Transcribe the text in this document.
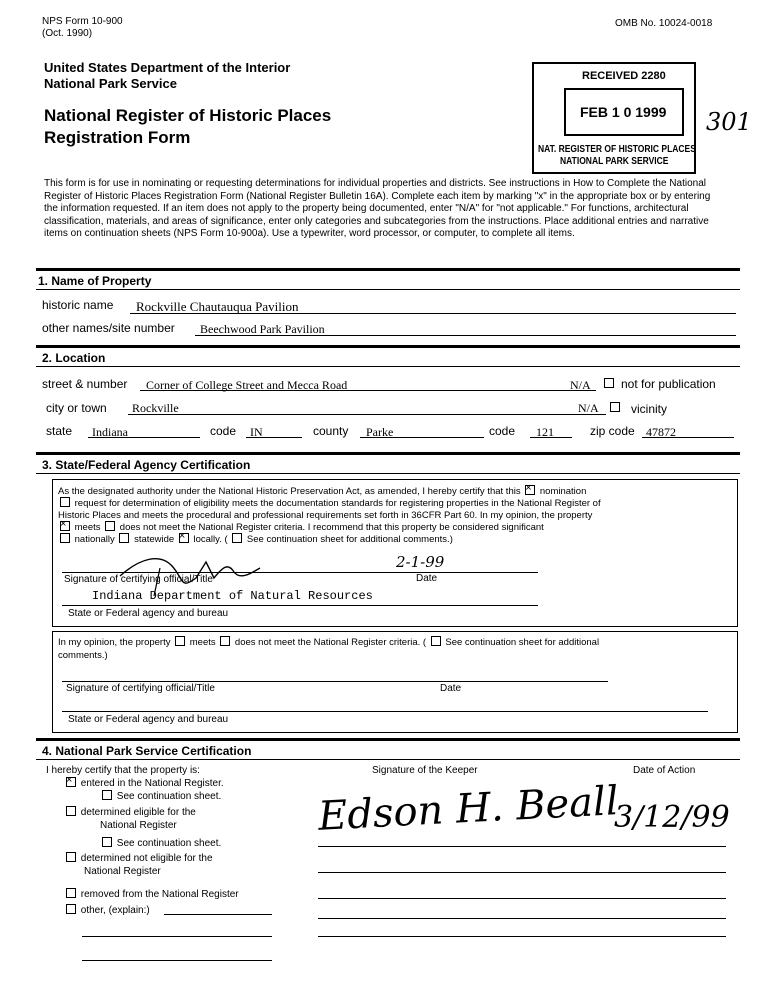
NPS Form 10-900
(Oct. 1990)
OMB No. 10024-0018
United States Department of the Interior
National Park Service
National Register of Historic Places
Registration Form
RECEIVED 2280
FEB 1 0 1999
NAT. REGISTER OF HISTORIC PLACES
NATIONAL PARK SERVICE
301
This form is for use in nominating or requesting determinations for individual properties and districts. See instructions in How to Complete the National Register of Historic Places Registration Form (National Register Bulletin 16A). Complete each item by marking "x" in the appropriate box or by entering the information requested. If an item does not apply to the property being documented, enter "N/A" for "not applicable." For functions, architectural classification, materials, and areas of significance, enter only categories and subcategories from the instructions. Place additional entries and narrative items on continuation sheets (NPS Form 10-900a). Use a typewriter, word processor, or computer, to complete all items.
1. Name of Property
historic name Rockville Chautauqua Pavilion
other names/site number Beechwood Park Pavilion
2. Location
street & number Corner of College Street and Mecca Road	N/A	not for publication
city or town Rockville	N/A	vicinity
state Indiana	code IN	county Parke	code 121	zip code 47872
3. State/Federal Agency Certification
As the designated authority under the National Historic Preservation Act, as amended, I hereby certify that this × nomination
request for determination of eligibility meets the documentation standards for registering properties in the National Register of
Historic Places and meets the procedural and professional requirements set forth in 36CFR Part 60. In my opinion, the property
× meets does not meet the National Register criteria. I recommend that this property be considered significant
nationally statewide × locally. ( See continuation sheet for additional comments.)
2-1-99
Signature of certifying official/Title	Date
Indiana Department of Natural Resources
State or Federal agency and bureau
In my opinion, the property meets does not meet the National Register criteria. ( See continuation sheet for additional
comments.)
Signature of certifying official/Title	Date
State or Federal agency and bureau
4. National Park Service Certification
I hereby certify that the property is:
× entered in the National Register.
See continuation sheet.
determined eligible for the
National Register
See continuation sheet.
determined not eligible for the
National Register
removed from the National Register
other, (explain:)
Signature of the Keeper	Date of Action
Edson H. Beall
3/12/99
